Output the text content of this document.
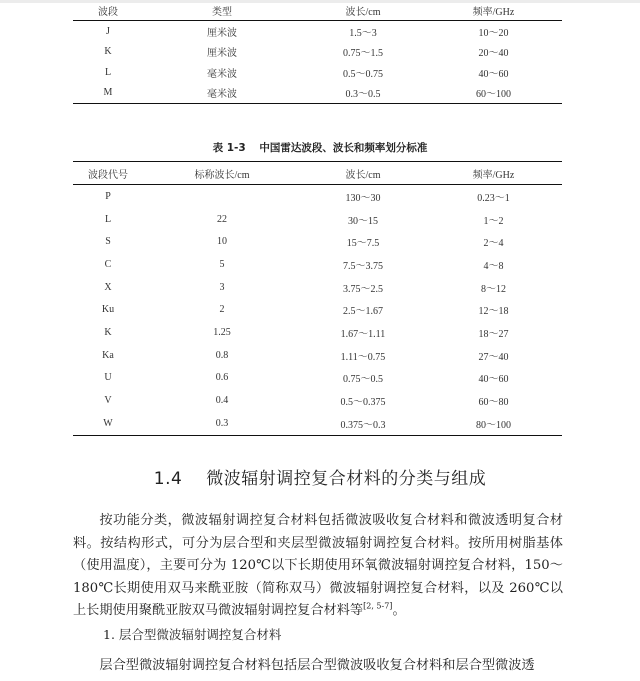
波段	类型	波长/cm	频率/GHz
J	厘米波	1.5～3	10～20
K	厘米波	0.75～1.5	20～40
L	毫米波	0.5～0.75	40～60
M	毫米波	0.3～0.5	60～100
表 1-3 中国雷达波段、波长和频率划分标准
波段代号	标称波长/cm	波长/cm	频率/GHz
P		130～30	0.23～1
L	22	30～15	1～2
S	10	15～7.5	2～4
C	5	7.5～3.75	4～8
X	3	3.75～2.5	8～12
Ku	2	2.5～1.67	12～18
K	1.25	1.67～1.11	18～27
Ka	0.8	1.11～0.75	27～40
U	0.6	0.75～0.5	40～60
V	0.4	0.5～0.375	60～80
W	0.3	0.375～0.3	80～100
1.4 微波辐射调控复合材料的分类与组成
按功能分类，微波辐射调控复合材料包括微波吸收复合材料和微波透明复合材料。按结构形式，可分为层合型和夹层型微波辐射调控复合材料。按所用树脂基体（使用温度），主要可分为 120℃以下长期使用环氧微波辐射调控复合材料，150～180℃长期使用双马来酰亚胺（简称双马）微波辐射调控复合材料，以及 260℃以上长期使用聚酰亚胺双马微波辐射调控复合材料等[2, 5-7]。
1. 层合型微波辐射调控复合材料
层合型微波辐射调控复合材料包括层合型微波吸收复合材料和层合型微波透
